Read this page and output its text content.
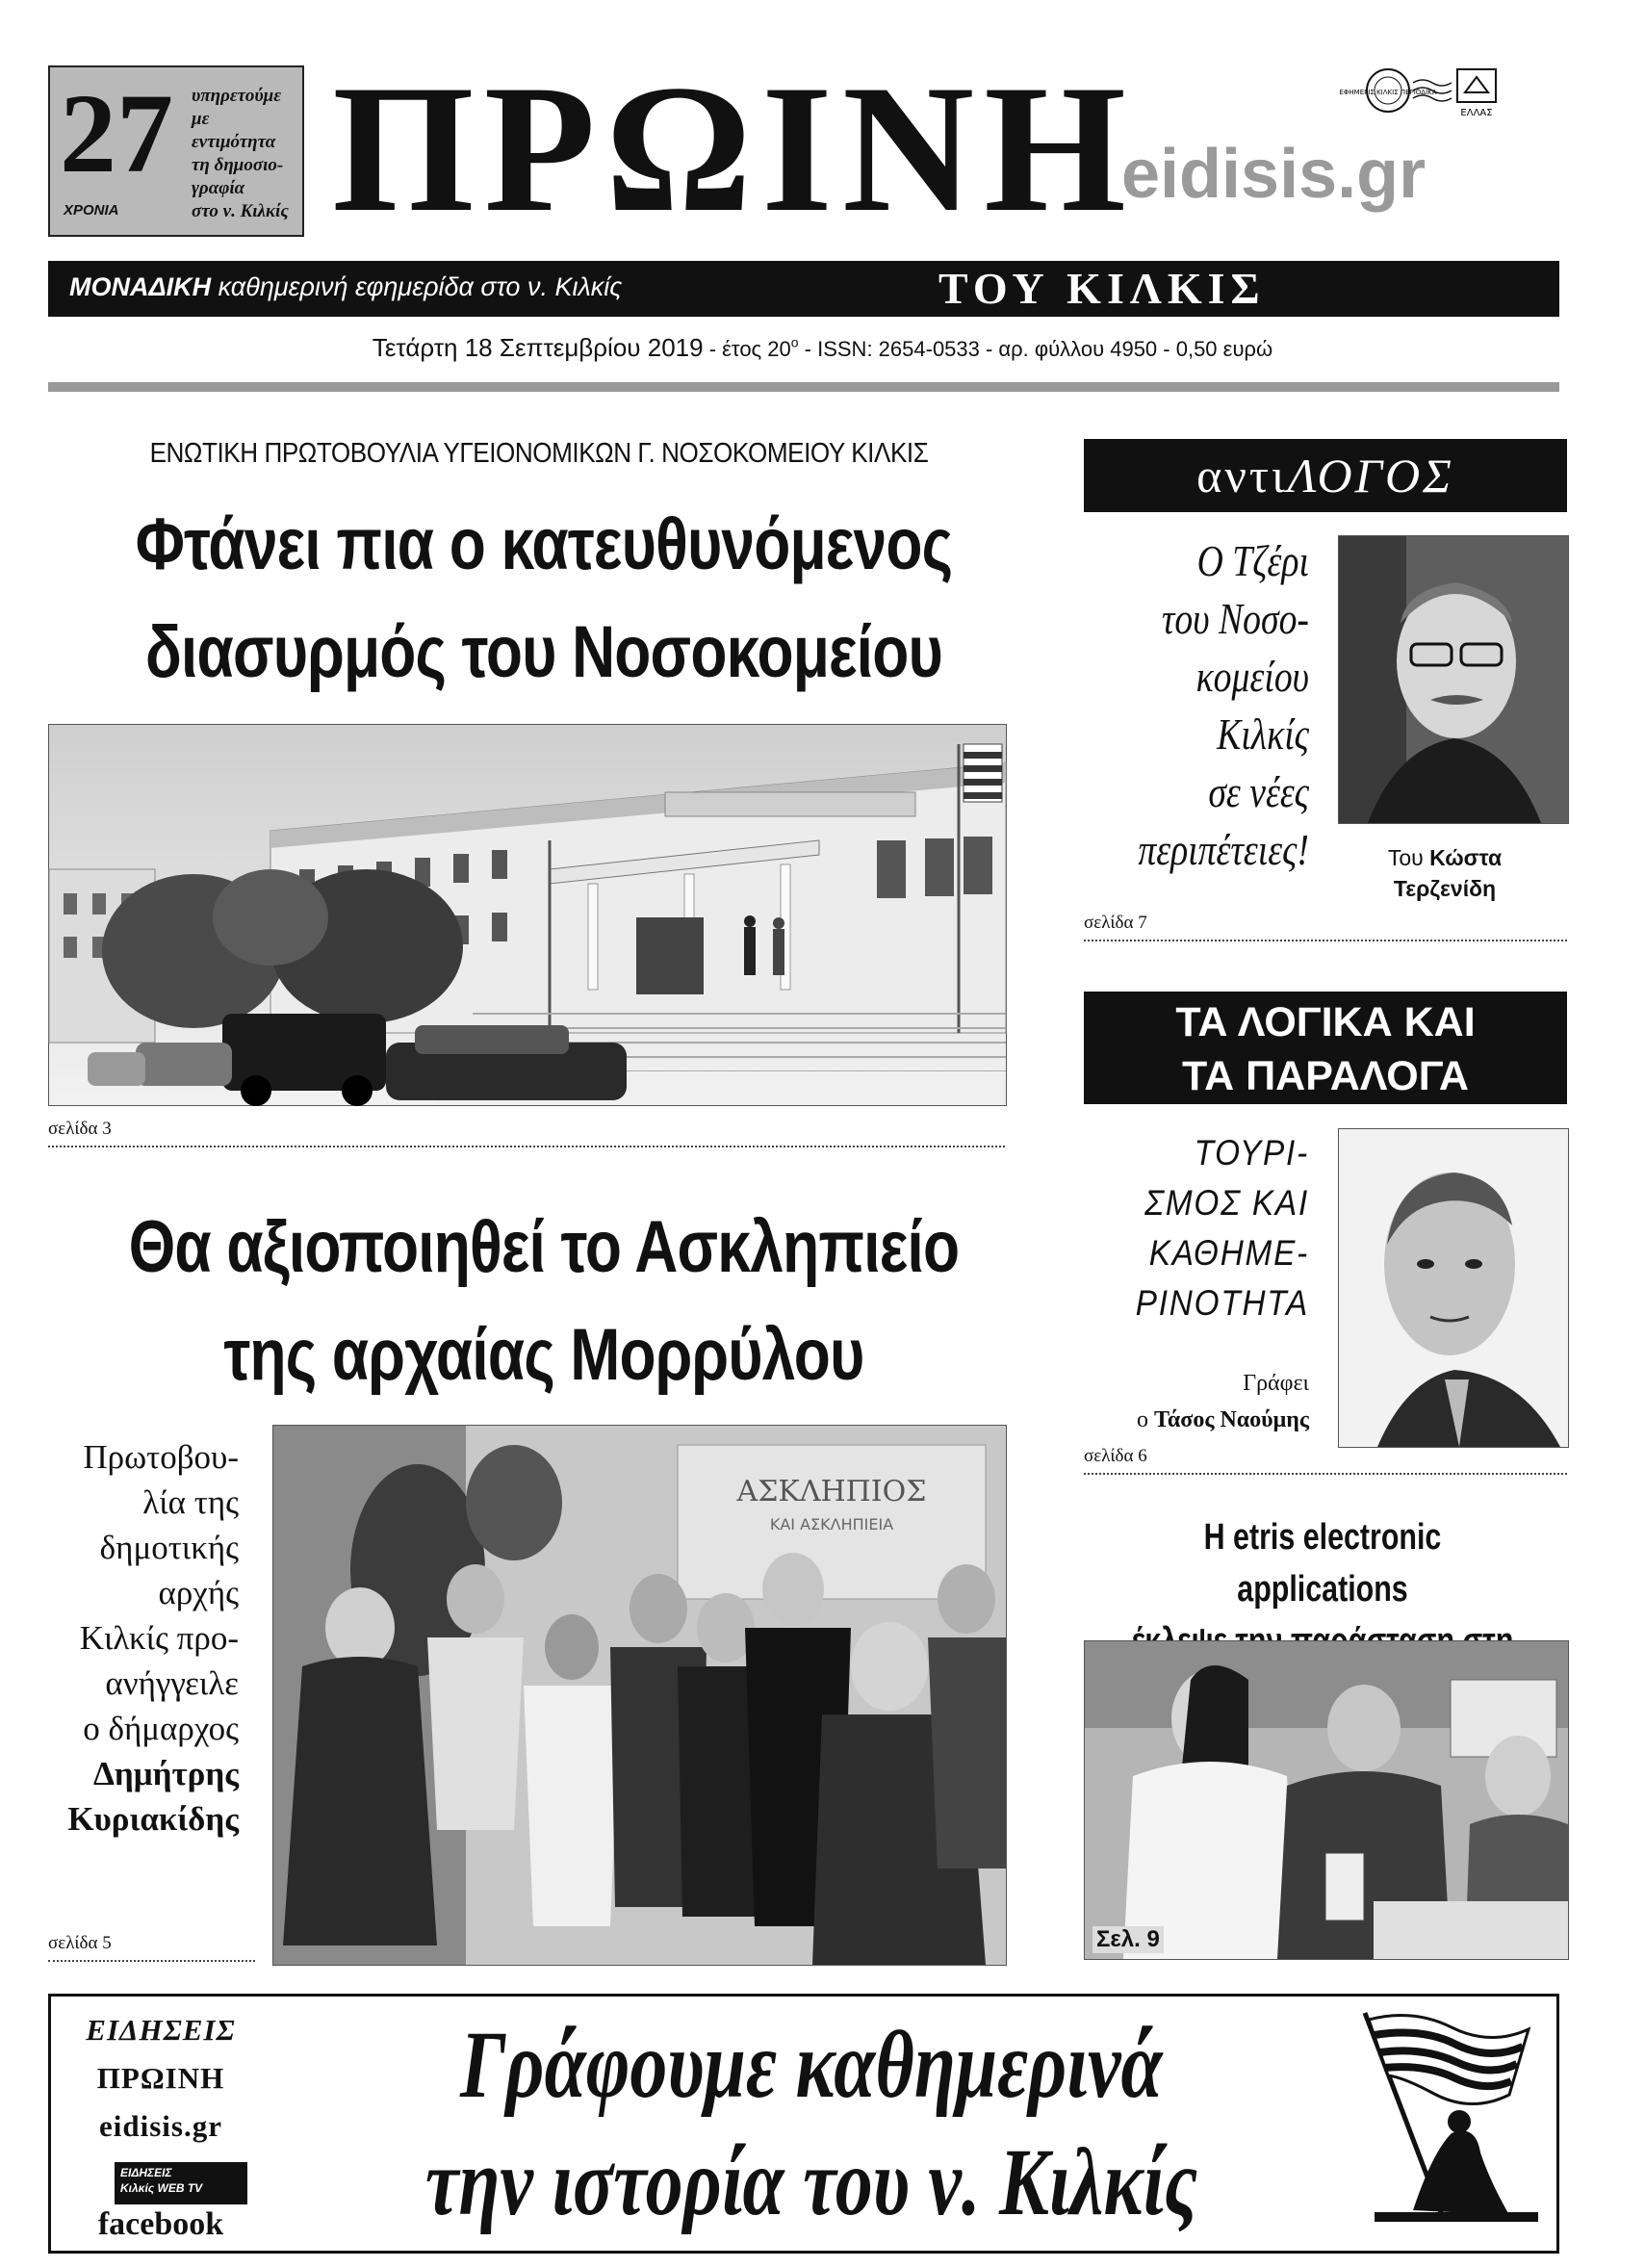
27
ΧΡΟΝΙΑ
υπηρετούμε
με εντιμότητα
τη δημοσιο-
γραφία
στο ν. Κιλκίς ΠΡΩΙΝΗ
eidisis.gr
ΕΦΗΜΕΡΙΣ ΚΙΛΚΙΣ ΠΕΡΙΟΔΙΚΑ
ΕΛΛΑΣ
ΜΟΝΑΔΙΚΗ καθημερινή εφημερίδα στο ν. Κιλκίς	ΤΟΥ ΚΙΛΚΙΣ
Τετάρτη 18 Σεπτεμβρίου 2019 - έτος $20^o$ - ISSN: 2654-0533 - αρ. φύλλου 4950 - 0,50 ευρώ
ΕΝΩΤΙΚΗ ΠΡΩΤΟΒΟΥΛΙΑ ΥΓΕΙΟΝΟΜΙΚΩΝ Γ. ΝΟΣΟΚΟΜΕΙΟΥ ΚΙΛΚΙΣ
Φτάνει πια ο κατευθυνόμενος
διασυρμός του Νοσοκομείου
σελίδα 3
Θα αξιοποιηθεί το Ασκληπιείο
της αρχαίας Μορρύλου
Πρωτοβου-
λία της
δημοτικής
αρχής
Κιλκίς προ-
ανήγγειλε
ο δήμαρχος
Δημήτρης
Κυριακίδης
σελίδα 5
ΑΣΚΛΗΠΙΟΣ
ΚΑΙ ΑΣΚΛΗΠΙΕΙΑ
αντιΛΟΓΟΣ
Ο Τζέρι
του Νοσο-
κομείου
Κιλκίς
σε νέες
περιπέτειες!	Του Κώστα
Τερζενίδη
σελίδα 7
ΤΑ ΛΟΓΙΚΑ ΚΑΙ
ΤΑ ΠΑΡΑΛΟΓΑ
ΤΟΥΡΙ-
ΣΜΟΣ ΚΑΙ
ΚΑΘΗΜΕ-
ΡΙΝΟΤΗΤΑ
Γράφει
ο Τάσος Ναούμης
σελίδα 6
Η etris electronic applications
Σελ. 9
ΕΙΔΗΣΕΙΣ
ΠΡΩΙΝΗ
eidisis.gr
ΕΙΔΗΣΕΙΣ
Κιλκίς WEB TV
facebook
Γράφουμε καθημερινά
την ιστορία του ν. Κιλκίς
